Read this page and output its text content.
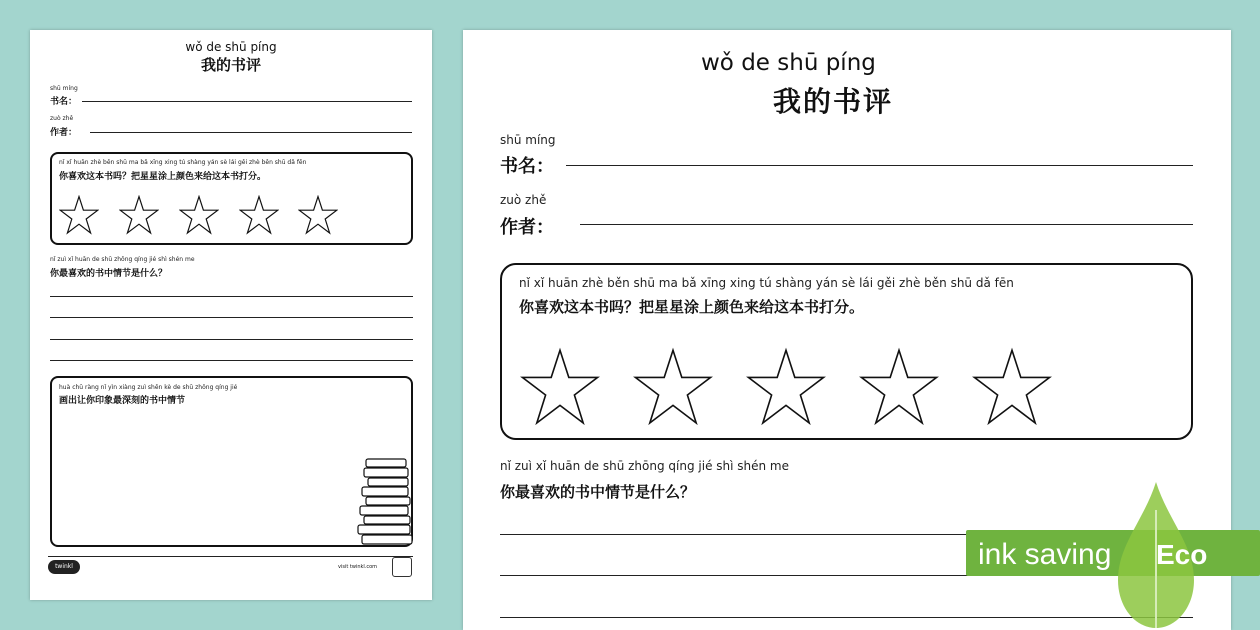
wǒ de shū píng
我的书评
shū míng
书名：
zuò zhě
作者：
nǐ xǐ huān zhè běn shū ma bǎ xīng xing tú shàng yán sè lái gěi zhè běn shū dǎ fēn
你喜欢这本书吗？把星星涂上颜色来给这本书打分。
nǐ zuì xǐ huān de shū zhōng qíng jié shì shén me
你最喜欢的书中情节是什么？
huà chū ràng nǐ yìn xiàng zuì shēn kè de shū zhōng qíng jié
画出让你印象最深刻的书中情节
twinkl	visit twinkl.com
wǒ de shū píng
我的书评
shū míng
书名：
zuò zhě
作者：
nǐ xǐ huān zhè běn shū ma bǎ xīng xing tú shàng yán sè lái gěi zhè běn shū dǎ fēn
你喜欢这本书吗？把星星涂上颜色来给这本书打分。
nǐ zuì xǐ huān de shū zhōng qíng jié shì shén me
你最喜欢的书中情节是什么？
ink saving Eco
